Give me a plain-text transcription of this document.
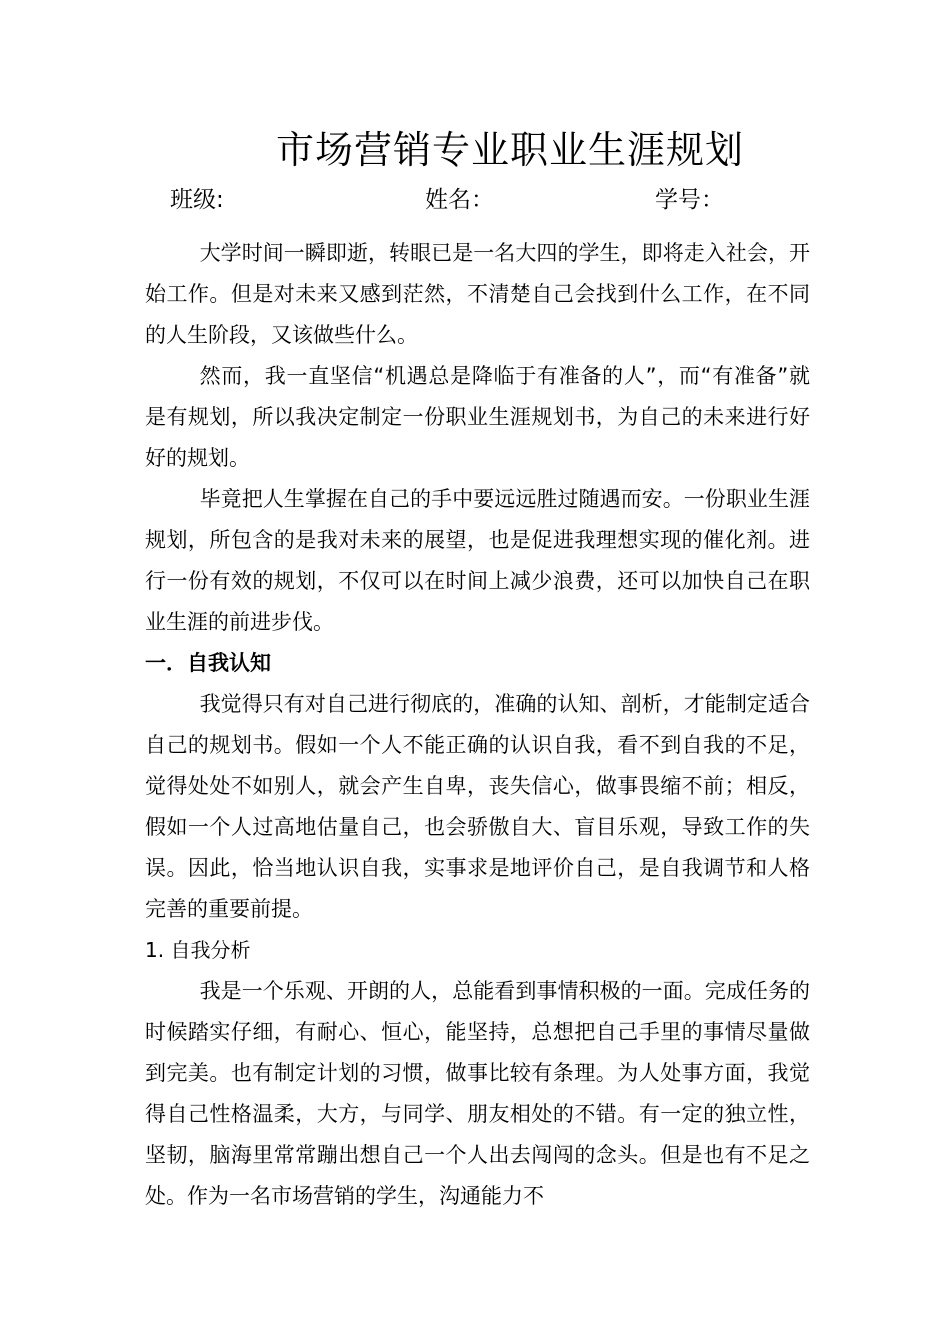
市场营销专业职业生涯规划
班级:	姓名：	学号：

大学时间一瞬即逝，转眼已是一名大四的学生，即将走入社会，开始工作。但是对未来又感到茫然，不清楚自己会找到什么工作，在不同的人生阶段，又该做些什么。

然而，我一直坚信“机遇总是降临于有准备的人”，而“有准备”就是有规划，所以我决定制定一份职业生涯规划书，为自己的未来进行好好的规划。

毕竟把人生掌握在自己的手中要远远胜过随遇而安。一份职业生涯规划，所包含的是我对未来的展望，也是促进我理想实现的催化剂。进行一份有效的规划，不仅可以在时间上减少浪费，还可以加快自己在职业生涯的前进步伐。

一．自我认知

我觉得只有对自己进行彻底的，准确的认知、剖析，才能制定适合自己的规划书。假如一个人不能正确的认识自我，看不到自我的不足，觉得处处不如别人，就会产生自卑，丧失信心，做事畏缩不前；相反，假如一个人过高地估量自己，也会骄傲自大、盲目乐观，导致工作的失误。因此，恰当地认识自我，实事求是地评价自己，是自我调节和人格完善的重要前提。

1. 自我分析

我是一个乐观、开朗的人，总能看到事情积极的一面。完成任务的时候踏实仔细，有耐心、恒心，能坚持，总想把自己手里的事情尽量做到完美。也有制定计划的习惯，做事比较有条理。为人处事方面，我觉得自己性格温柔，大方，与同学、朋友相处的不错。有一定的独立性，坚韧，脑海里常常蹦出想自己一个人出去闯闯的念头。但是也有不足之处。作为一名市场营销的学生，沟通能力不
